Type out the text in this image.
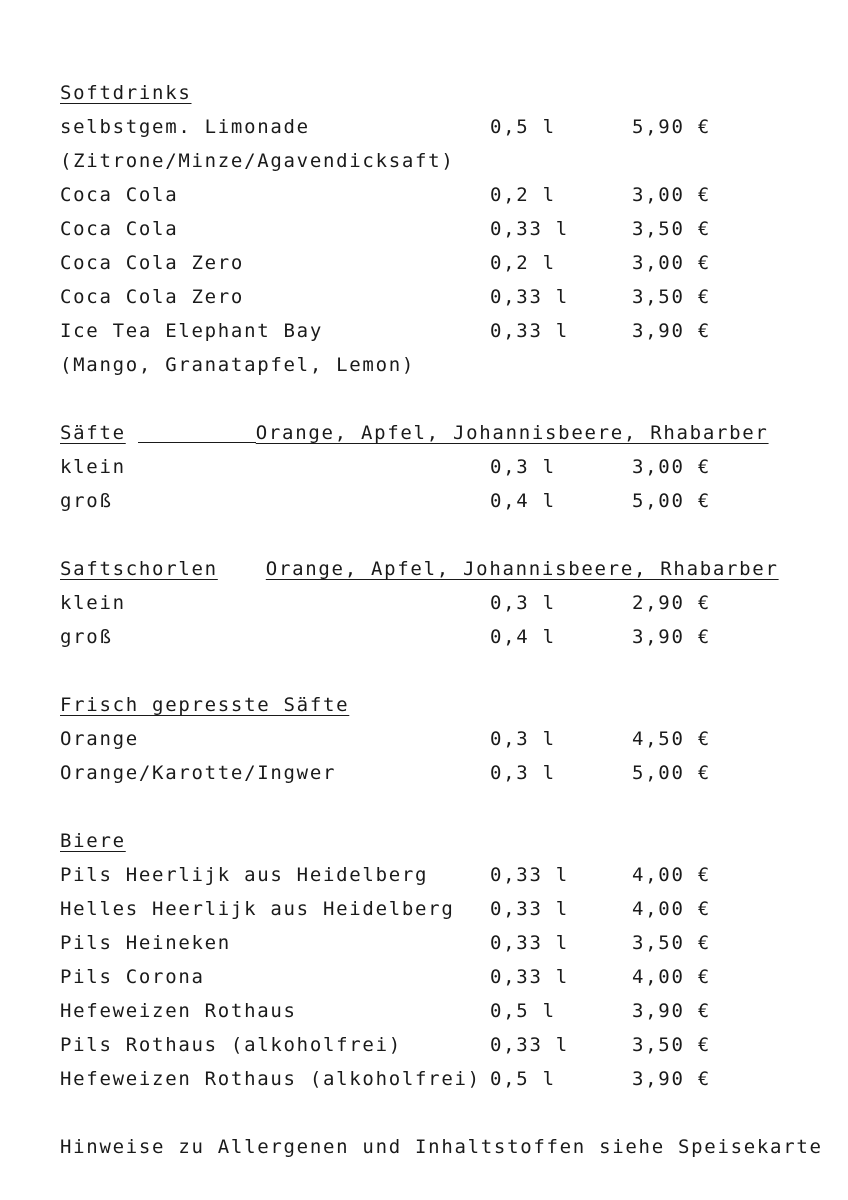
Softdrinks
selbstgem. Limonade	0,5 l	5,90 €
(Zitrone/Minze/Agavendicksaft)
Coca Cola	0,2 l	3,00 €
Coca Cola	0,33 l	3,50 €
Coca Cola Zero	0,2 l	3,00 €
Coca Cola Zero	0,33 l	3,50 €
Ice Tea Elephant Bay	0,33 l	3,90 €
(Mango, Granatapfel, Lemon)
Säfte	Orange, Apfel, Johannisbeere, Rhabarber
klein	0,3 l	3,00 €
groß	0,4 l	5,00 €
Saftschorlen	Orange, Apfel, Johannisbeere, Rhabarber
klein	0,3 l	2,90 €
groß	0,4 l	3,90 €
Frisch gepresste Säfte
Orange	0,3 l	4,50 €
Orange/Karotte/Ingwer	0,3 l	5,00 €
Biere
Pils Heerlijk aus Heidelberg	0,33 l	4,00 €
Helles Heerlijk aus Heidelberg	0,33 l	4,00 €
Pils Heineken	0,33 l	3,50 €
Pils Corona	0,33 l	4,00 €
Hefeweizen Rothaus	0,5 l	3,90 €
Pils Rothaus (alkoholfrei)	0,33 l	3,50 €
Hefeweizen Rothaus (alkoholfrei) 0,5 l	3,90 €
Hinweise zu Allergenen und Inhaltstoffen siehe Speisekarte
